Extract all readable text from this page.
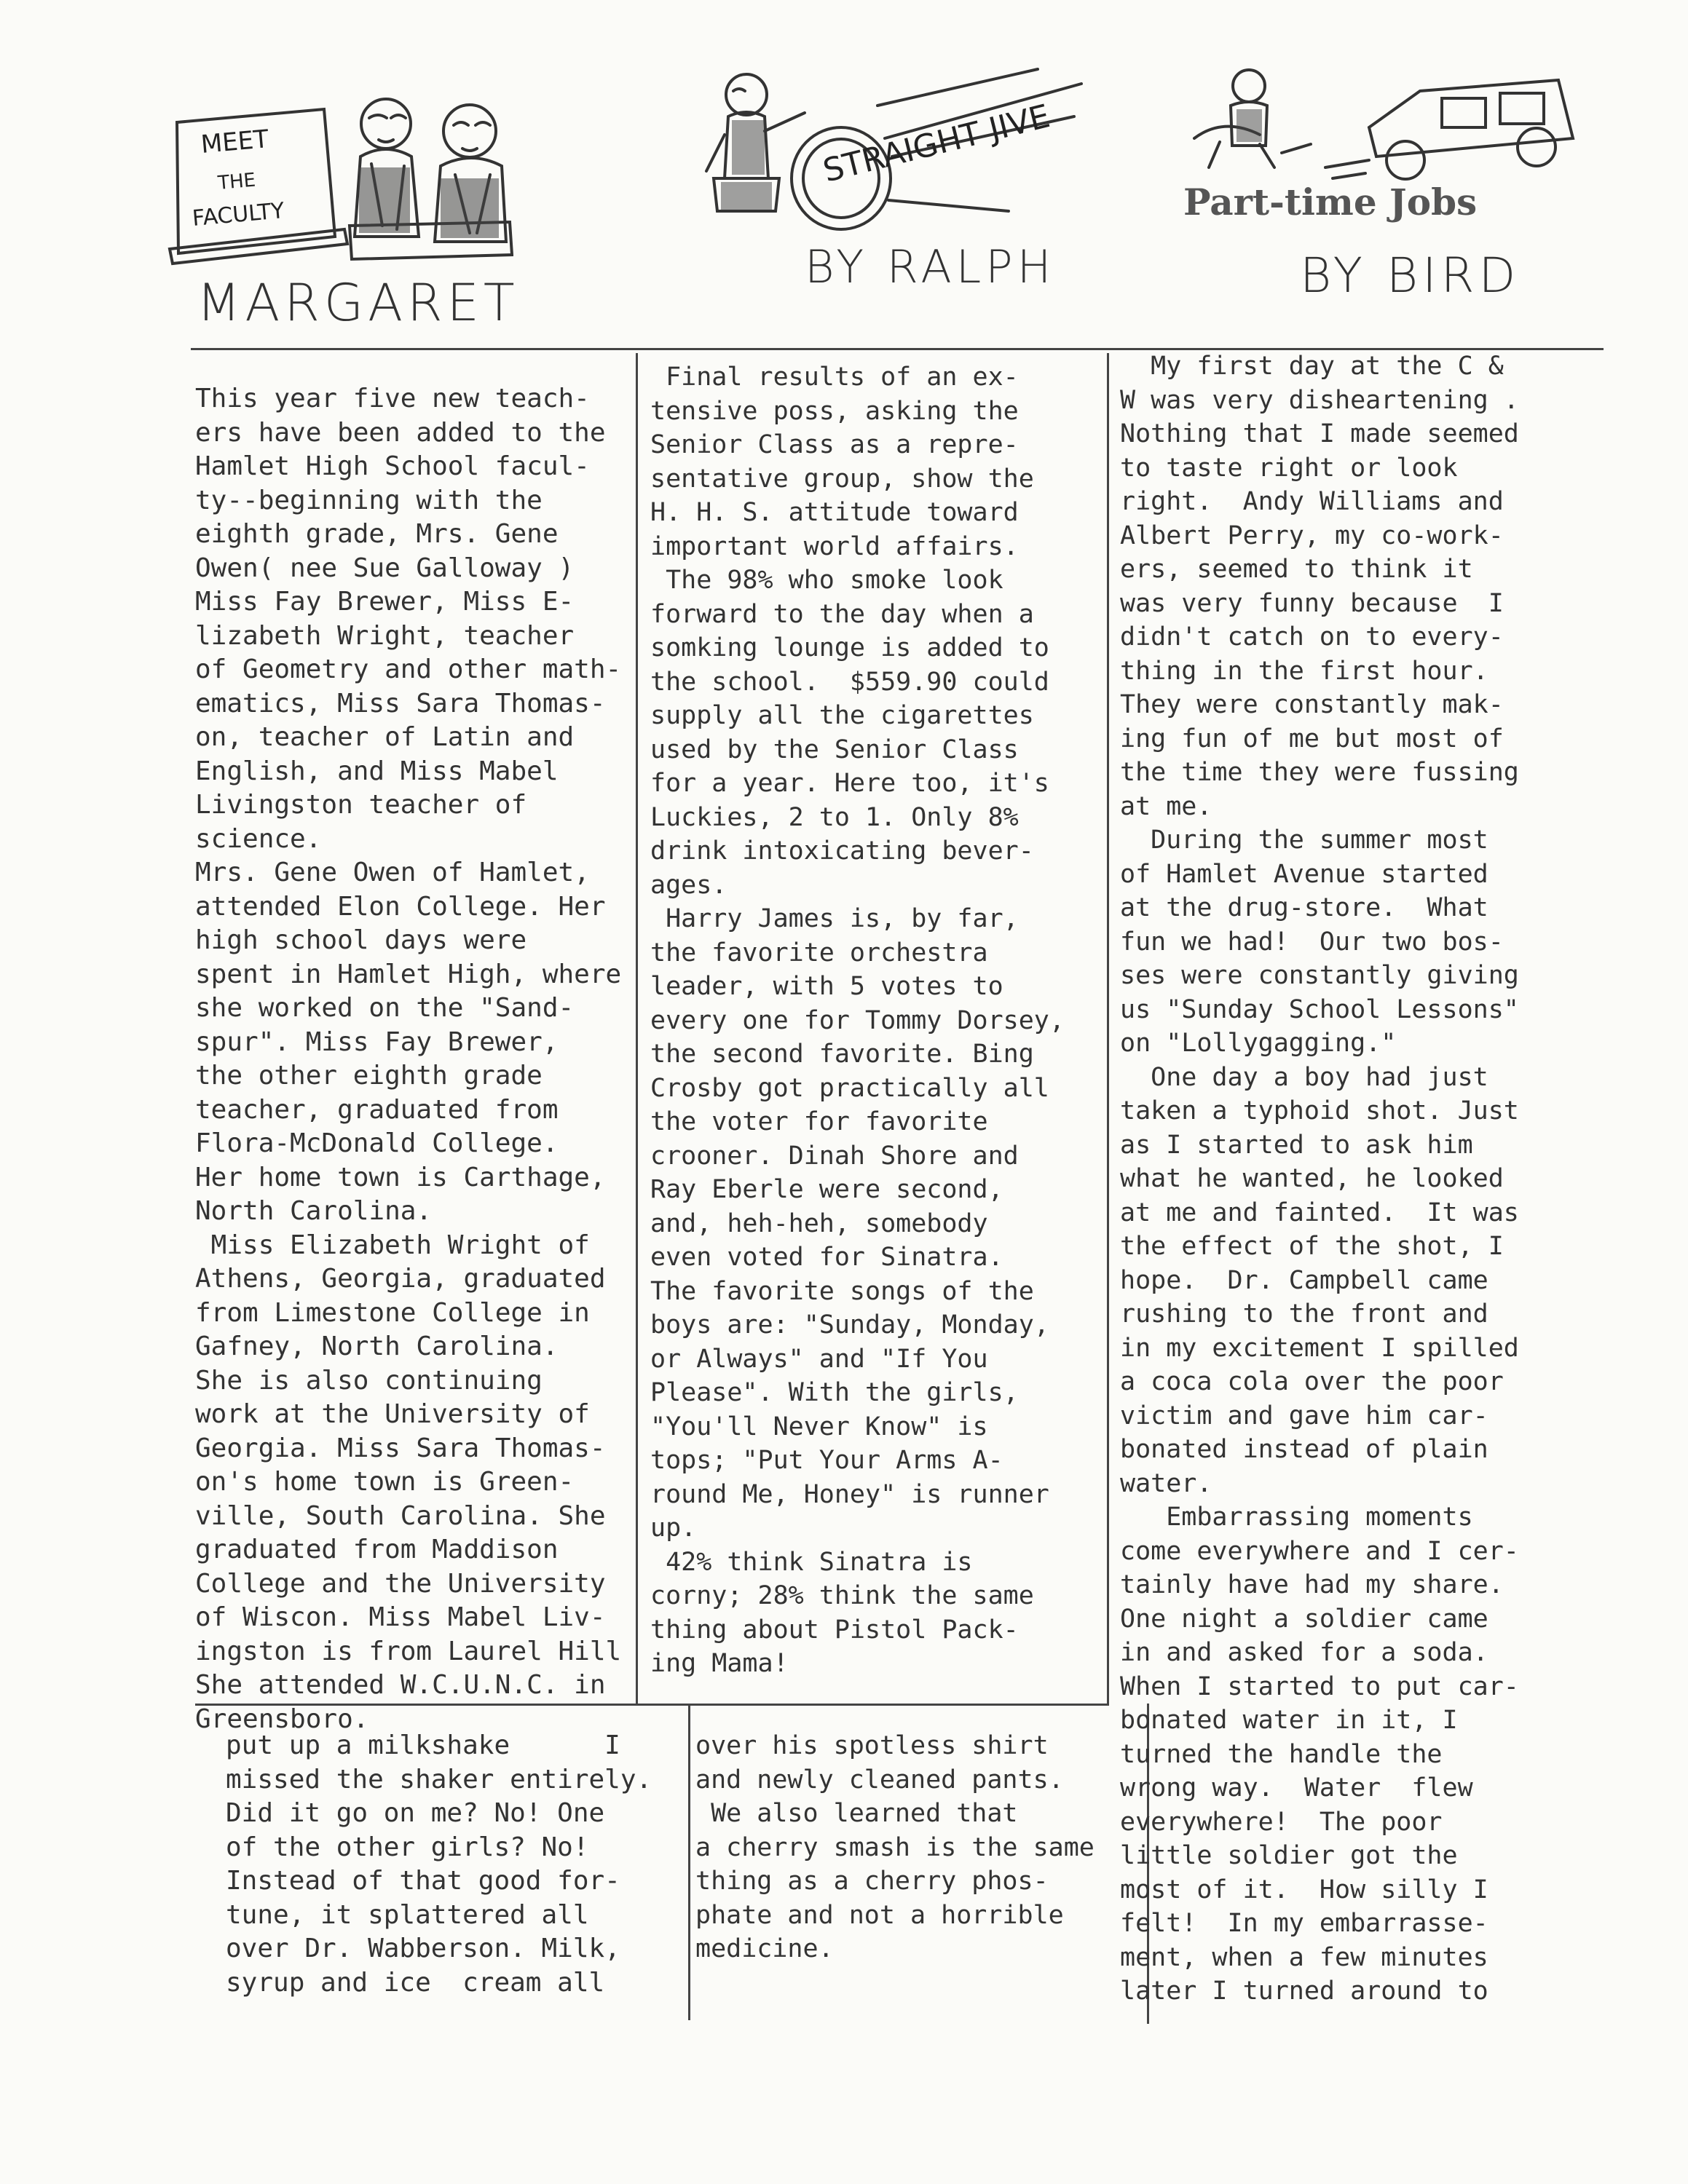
MEET
THE
FACULTY
MARGARET
STRAIGHT JIVE
BY RALPH
Part-time Jobs
BY BIRD
This year five new teach-
ers have been added to the
Hamlet High School facul-
ty--beginning with the
eighth grade, Mrs. Gene
Owen( nee Sue Galloway )
Miss Fay Brewer, Miss E-
lizabeth Wright, teacher
of Geometry and other math-
ematics, Miss Sara Thomas-
on, teacher of Latin and
English, and Miss Mabel
Livingston teacher of
science.
Mrs. Gene Owen of Hamlet,
attended Elon College. Her
high school days were
spent in Hamlet High, where
she worked on the "Sand-
spur". Miss Fay Brewer,
the other eighth grade
teacher, graduated from
Flora-McDonald College.
Her home town is Carthage,
North Carolina.
Miss Elizabeth Wright of
Athens, Georgia, graduated
from Limestone College in
Gafney, North Carolina.
She is also continuing
work at the University of
Georgia. Miss Sara Thomas-
on's home town is Green-
ville, South Carolina. She
graduated from Maddison
College and the University
of Wiscon. Miss Mabel Liv-
ingston is from Laurel Hill
She attended W.C.U.N.C. in
Greensboro.
Final results of an ex-
tensive poss, asking the
Senior Class as a repre-
sentative group, show the
H. H. S. attitude toward
important world affairs.
The 98% who smoke look
forward to the day when a
somking lounge is added to
the school.  $559.90 could
supply all the cigarettes
used by the Senior Class
for a year. Here too, it's
Luckies, 2 to 1. Only 8%
drink intoxicating bever-
ages.
Harry James is, by far,
the favorite orchestra
leader, with 5 votes to
every one for Tommy Dorsey,
the second favorite. Bing
Crosby got practically all
the voter for favorite
crooner. Dinah Shore and
Ray Eberle were second,
and, heh-heh, somebody
even voted for Sinatra.
The favorite songs of the
boys are: "Sunday, Monday,
or Always" and "If You
Please". With the girls,
"You'll Never Know" is
tops; "Put Your Arms A-
round Me, Honey" is runner
up.
42% think Sinatra is
corny; 28% think the same
thing about Pistol Pack-
ing Mama!
My first day at the C &
W was very disheartening .
Nothing that I made seemed
to taste right or look
right.  Andy Williams and
Albert Perry, my co-work-
ers, seemed to think it
was very funny because  I
didn't catch on to every-
thing in the first hour.
They were constantly mak-
ing fun of me but most of
the time they were fussing
at me.
During the summer most
of Hamlet Avenue started
at the drug-store.  What
fun we had!  Our two bos-
ses were constantly giving
us "Sunday School Lessons"
on "Lollygagging."
One day a boy had just
taken a typhoid shot. Just
as I started to ask him
what he wanted, he looked
at me and fainted.  It was
the effect of the shot, I
hope.  Dr. Campbell came
rushing to the front and
in my excitement I spilled
a coca cola over the poor
victim and gave him car-
bonated instead of plain
water.
Embarrassing moments
come everywhere and I cer-
tainly have had my share.
One night a soldier came
in and asked for a soda.
When I started to put car-
bonated water in it, I
turned the handle the
wrong way.  Water  flew
everywhere!  The poor
little soldier got the
most of it.  How silly I
felt!  In my embarrasse-
ment, when a few minutes
later I turned around to
put up a milkshake      I
missed the shaker entirely.
Did it go on me? No! One
of the other girls? No!
Instead of that good for-
tune, it splattered all
over Dr. Wabberson. Milk,
syrup and ice  cream all
over his spotless shirt
and newly cleaned pants.
We also learned that
a cherry smash is the same
thing as a cherry phos-
phate and not a horrible
medicine.
